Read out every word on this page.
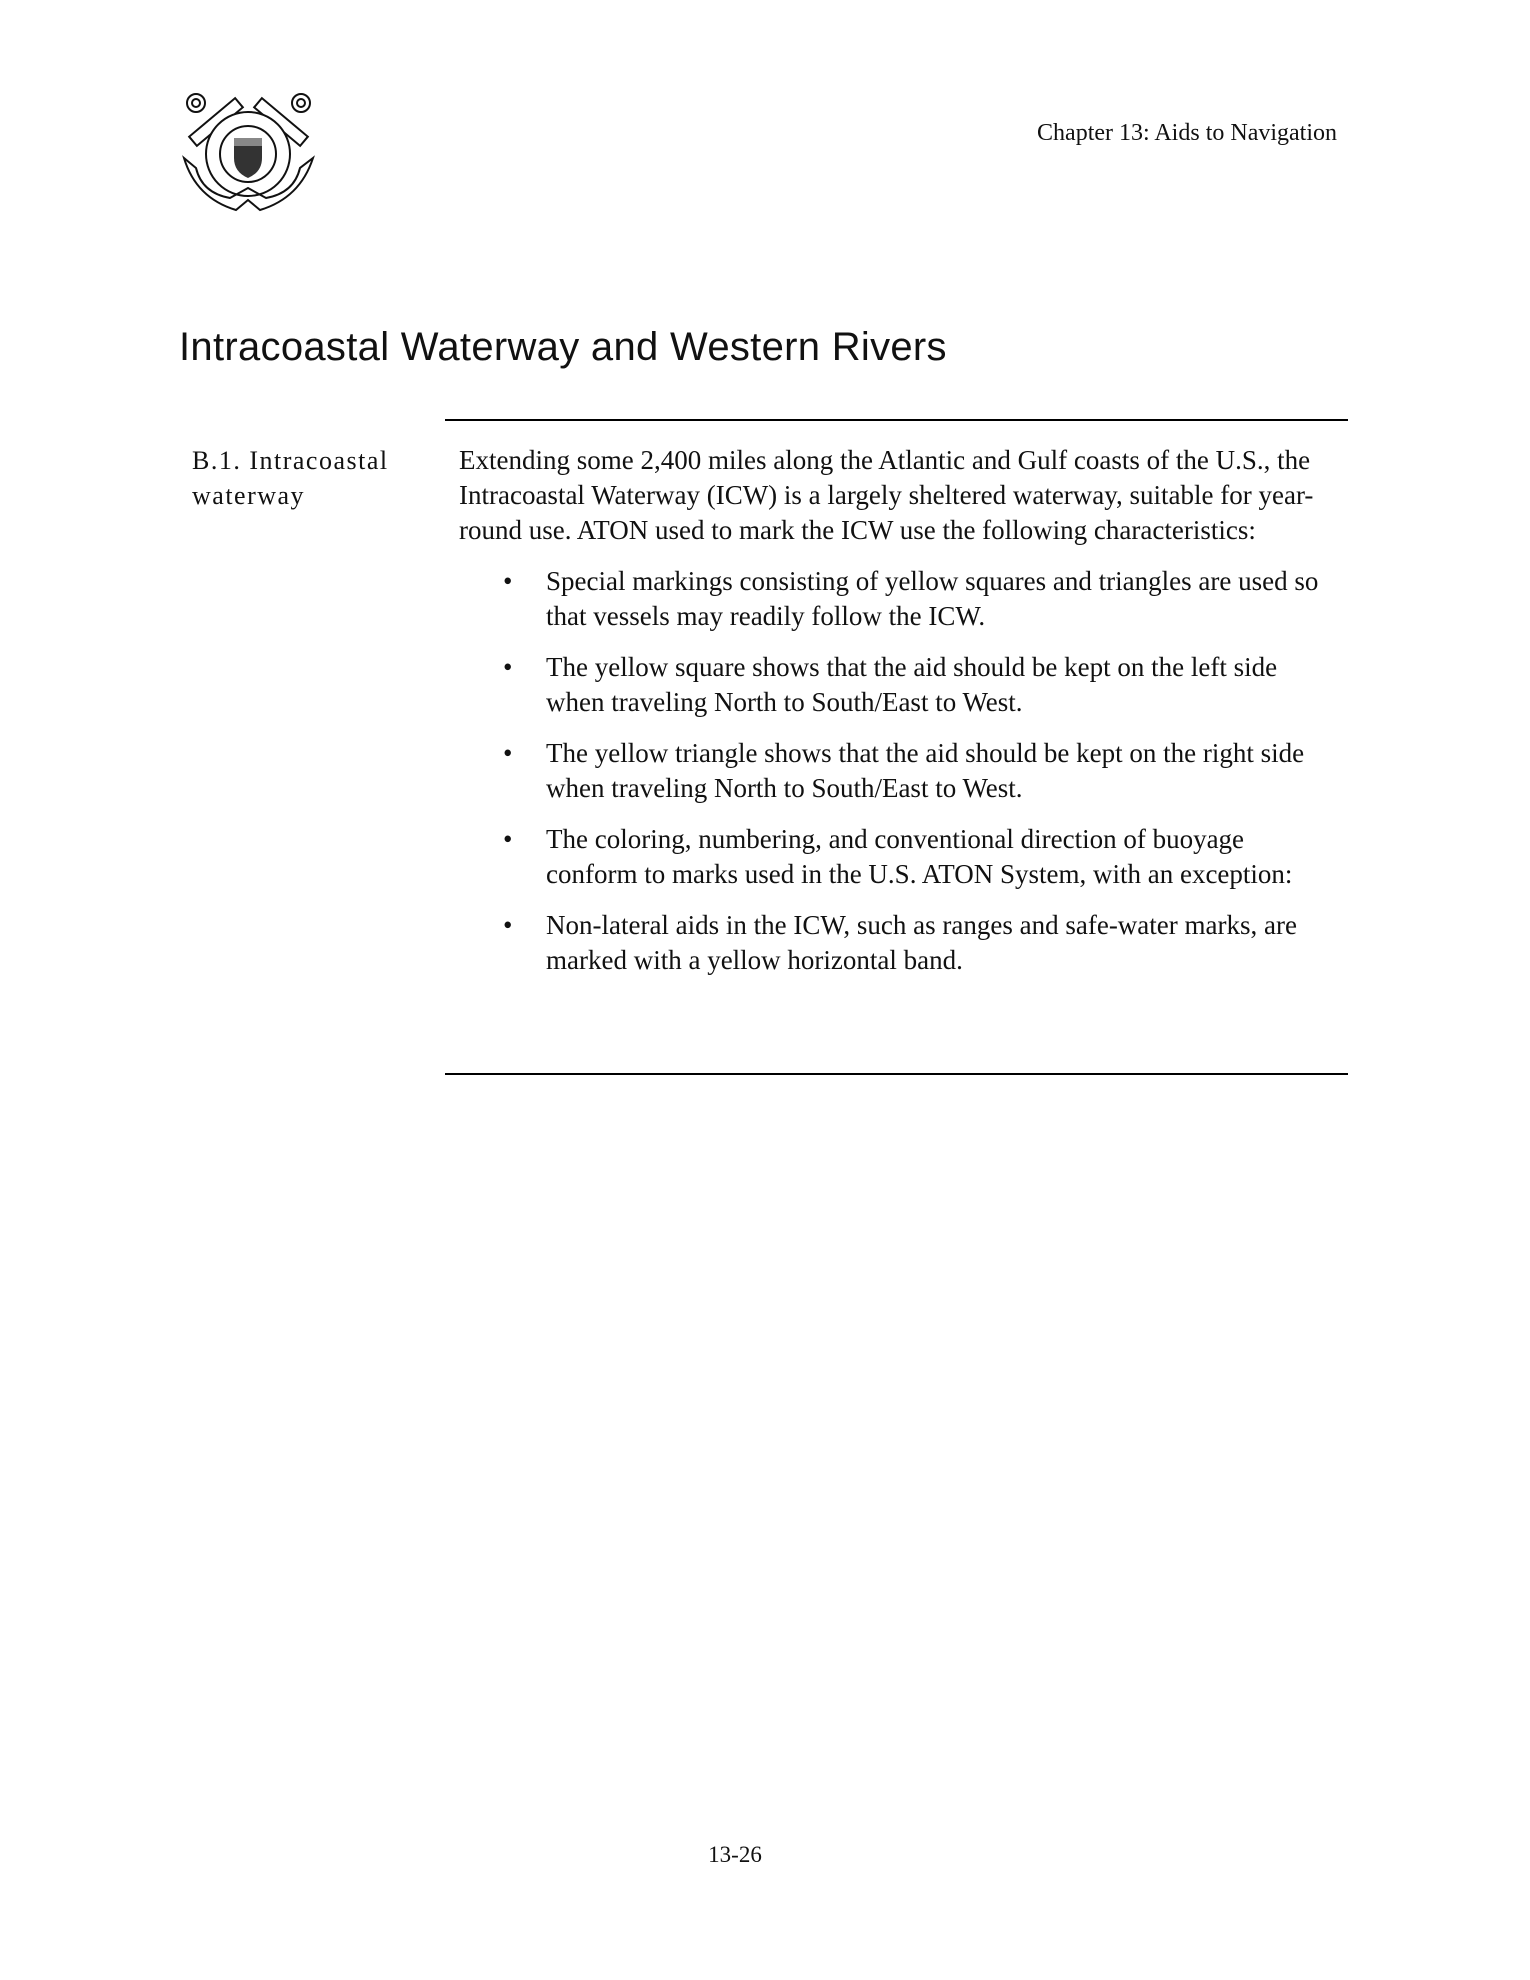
Chapter 13: Aids to Navigation
Intracoastal Waterway and Western Rivers
B.1. Intracoastal waterway

Extending some 2,400 miles along the Atlantic and Gulf coasts of the U.S., the Intracoastal Waterway (ICW) is a largely sheltered waterway, suitable for year-round use. ATON used to mark the ICW use the following characteristics:

• Special markings consisting of yellow squares and triangles are used so that vessels may readily follow the ICW.
• The yellow square shows that the aid should be kept on the left side when traveling North to South/East to West.
• The yellow triangle shows that the aid should be kept on the right side when traveling North to South/East to West.
• The coloring, numbering, and conventional direction of buoyage conform to marks used in the U.S. ATON System, with an exception:
• Non-lateral aids in the ICW, such as ranges and safe-water marks, are marked with a yellow horizontal band.
13-26
